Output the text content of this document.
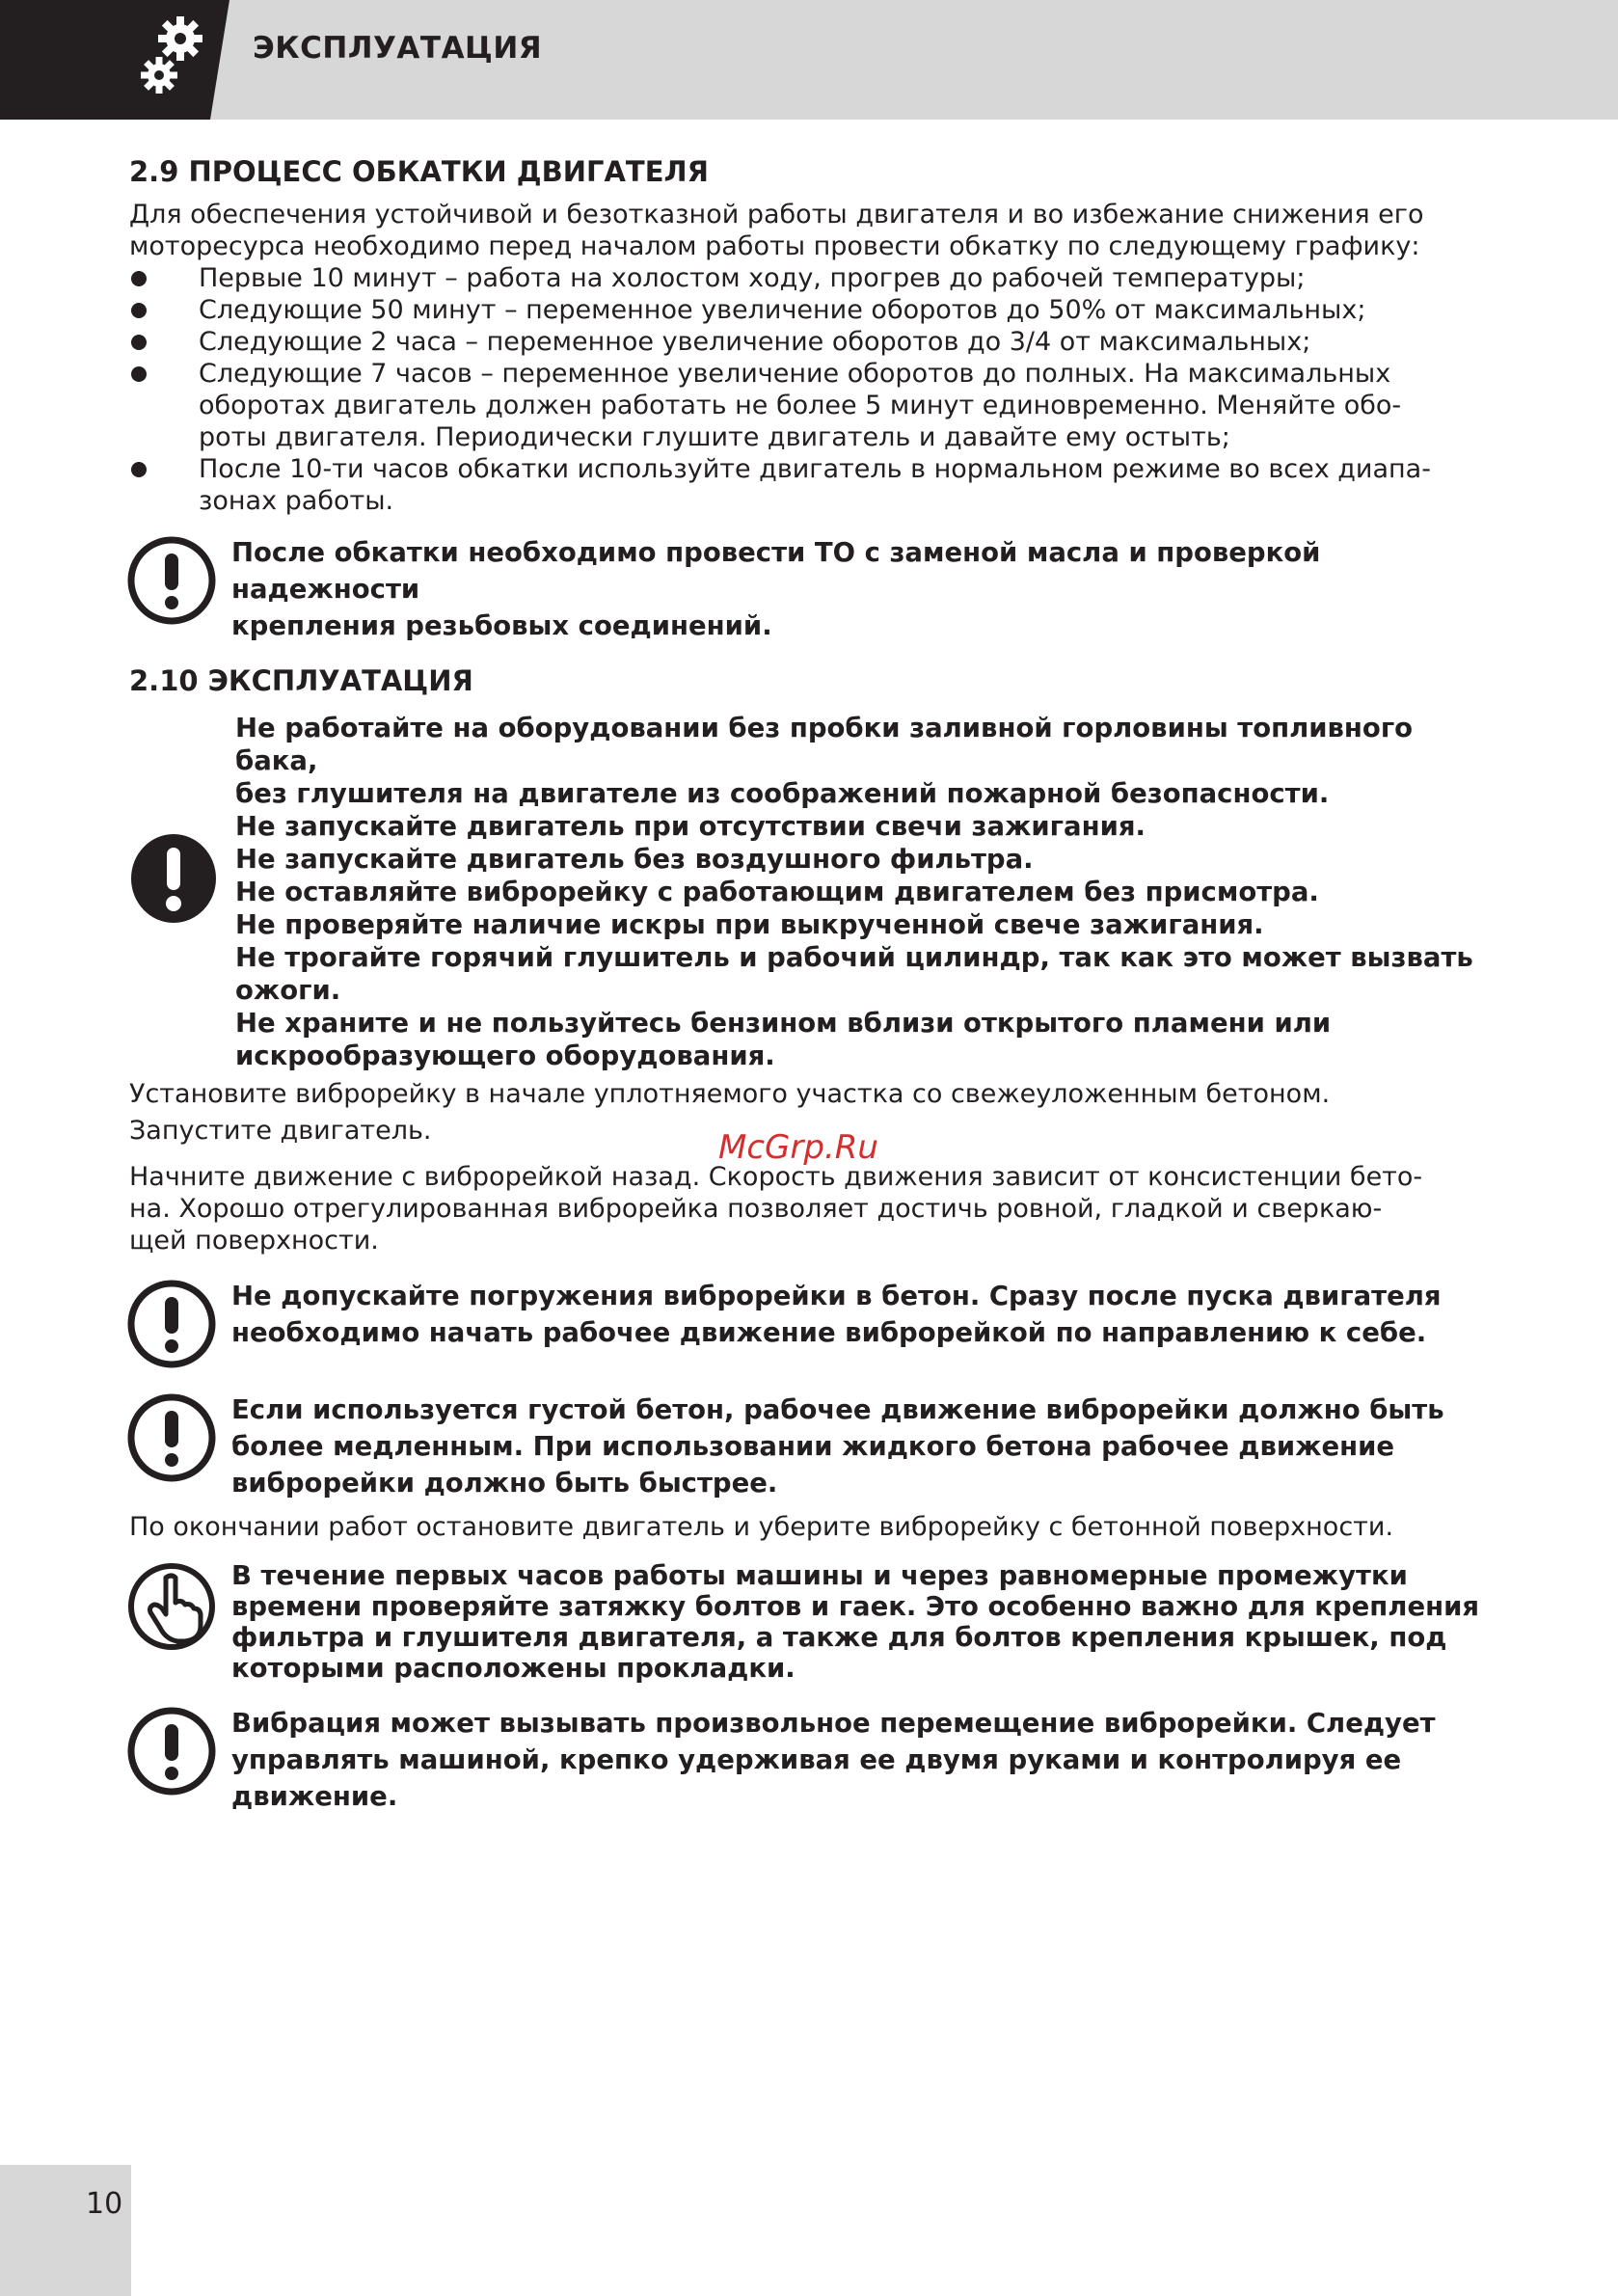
ЭКСПЛУАТАЦИЯ
2.9 ПРОЦЕСС ОБКАТКИ ДВИГАТЕЛЯ
Для обеспечения устойчивой и безотказной работы двигателя и во избежание снижения его
моторесурса необходимо перед началом работы провести обкатку по следующему графику:
Первые 10 минут – работа на холостом ходу, прогрев до рабочей температуры;
Следующие 50 минут – переменное увеличение оборотов до 50% от максимальных;
Следующие 2 часа – переменное увеличение оборотов до 3/4 от максимальных;
Следующие 7 часов – переменное увеличение оборотов до полных. На максимальных
оборотах двигатель должен работать не более 5 минут единовременно. Меняйте обо-
роты двигателя. Периодически глушите двигатель и давайте ему остыть;
После 10-ти часов обкатки используйте двигатель в нормальном режиме во всех диапа-
зонах работы.
После обкатки необходимо провести ТО с заменой масла и проверкой надежности
крепления резьбовых соединений.
2.10 ЭКСПЛУАТАЦИЯ
Не работайте на оборудовании без пробки заливной горловины топливного бака,
без глушителя на двигателе из соображений пожарной безопасности.
Не запускайте двигатель при отсутствии свечи зажигания.
Не запускайте двигатель без воздушного фильтра.
Не оставляйте виброрейку с работающим двигателем без присмотра.
Не проверяйте наличие искры при выкрученной свече зажигания.
Не трогайте горячий глушитель и рабочий цилиндр, так как это может вызвать
ожоги.
Не храните и не пользуйтесь бензином вблизи открытого пламени или
искрообразующего оборудования.
Установите виброрейку в начале уплотняемого участка со свежеуложенным бетоном.
Запустите двигатель.
Начните движение с виброрейкой назад. Скорость движения зависит от консистенции бето-
на. Хорошо отрегулированная виброрейка позволяет достичь ровной, гладкой и сверкаю-
щей поверхности.
Не допускайте погружения виброрейки в бетон. Сразу после пуска двигателя
необходимо начать рабочее движение виброрейкой по направлению к себе.
Если используется густой бетон, рабочее движение виброрейки должно быть
более медленным. При использовании жидкого бетона рабочее движение
виброрейки должно быть быстрее.
По окончании работ остановите двигатель и уберите виброрейку с бетонной поверхности.
В течение первых часов работы машины и через равномерные промежутки
времени проверяйте затяжку болтов и гаек. Это особенно важно для крепления
фильтра и глушителя двигателя, а также для болтов крепления крышек, под
которыми расположены прокладки.
Вибрация может вызывать произвольное перемещение виброрейки. Следует
управлять машиной, крепко удерживая ее двумя руками и контролируя ее
движение.
McGrp.Ru
10
